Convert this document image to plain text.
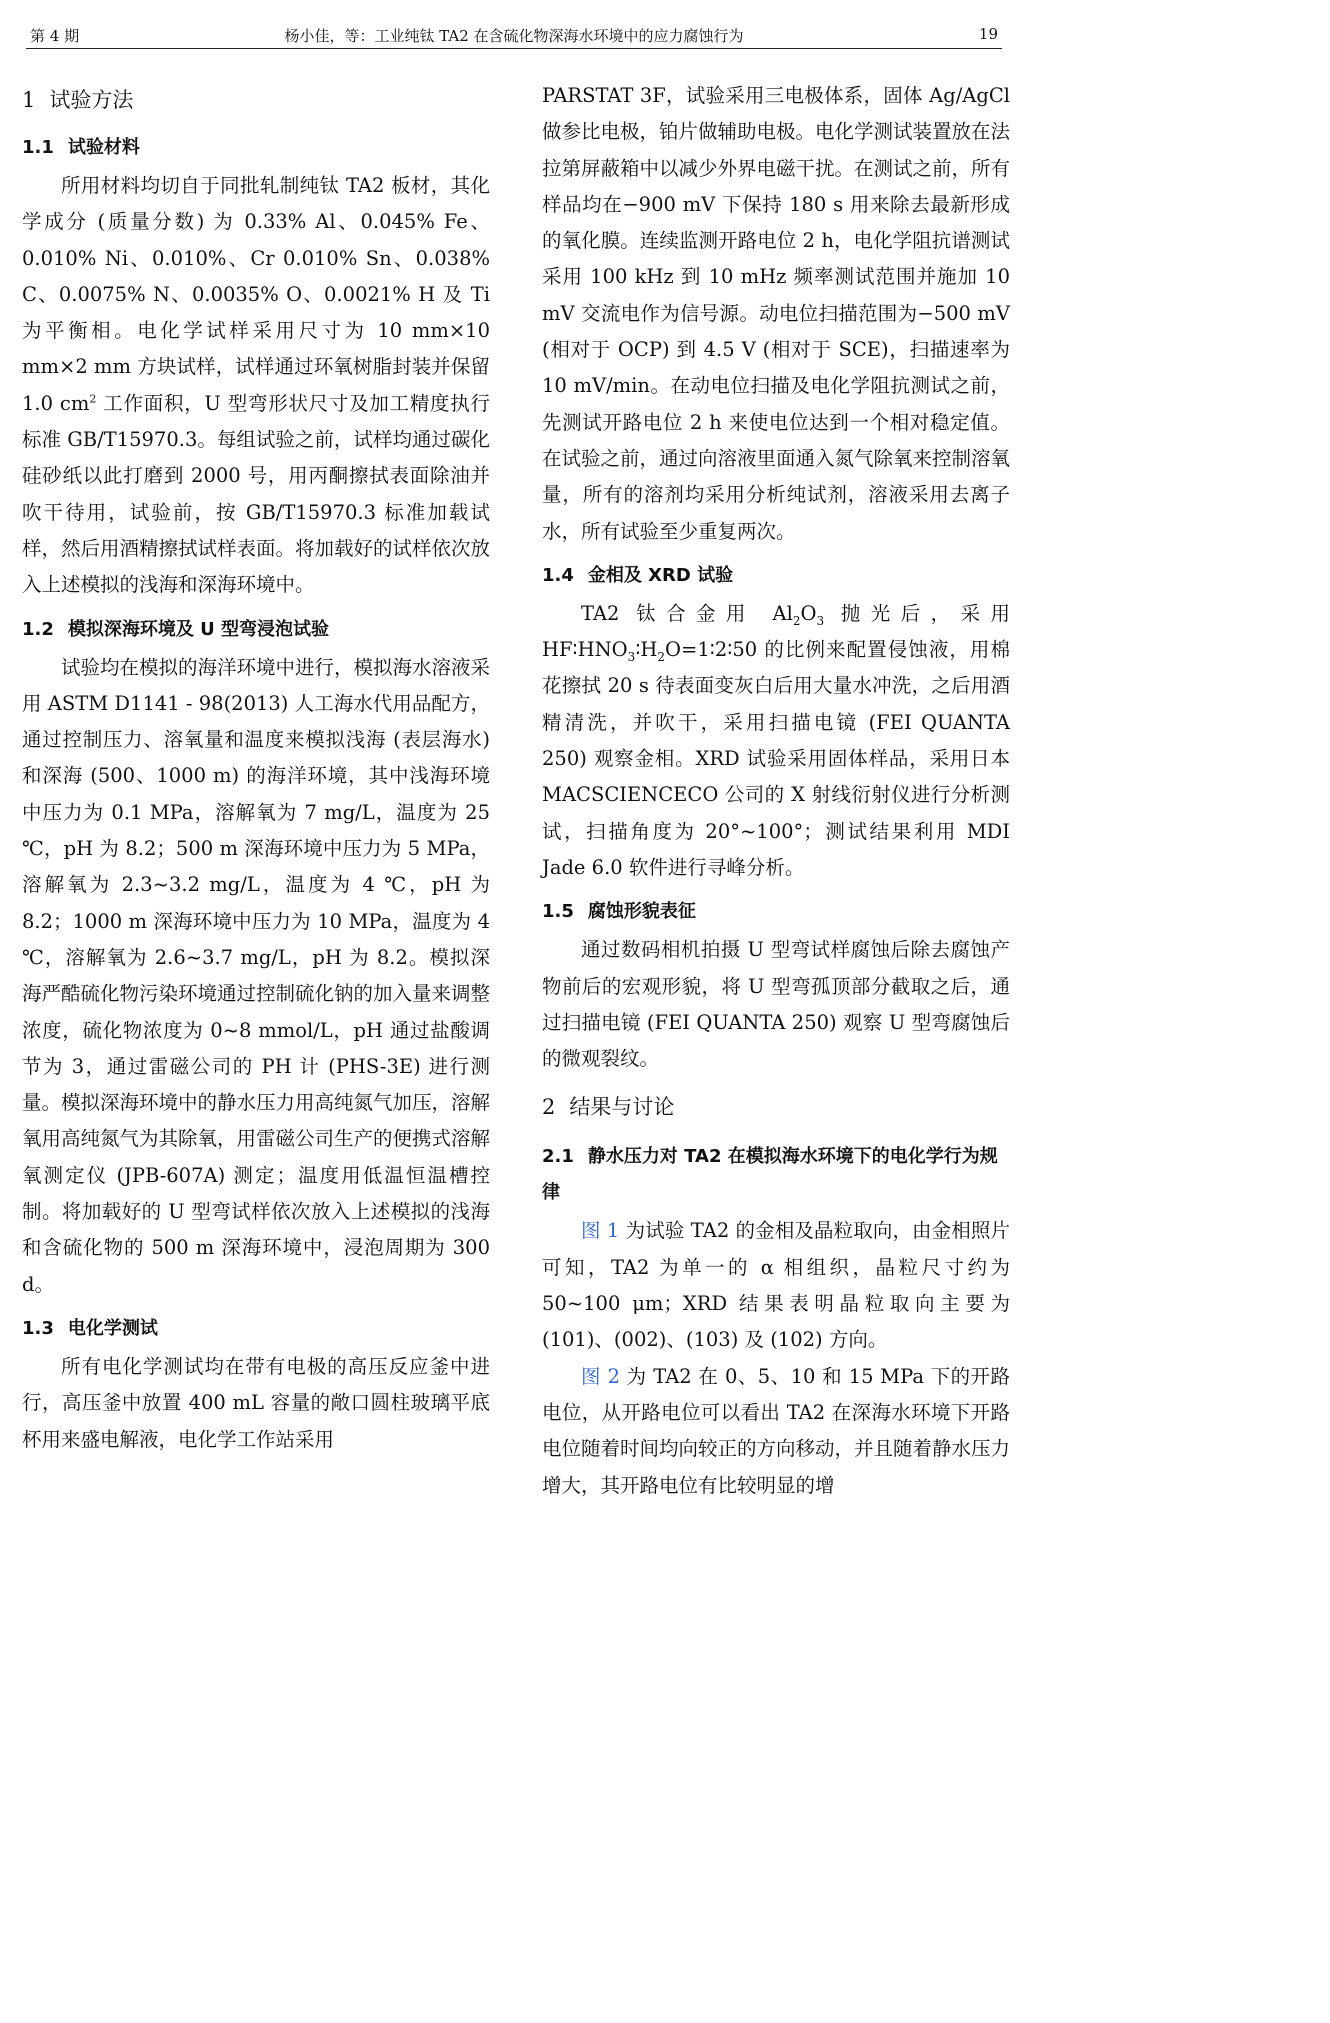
第 4 期	杨小佳，等：工业纯钛 TA2 在含硫化物深海水环境中的应力腐蚀行为	19
1 试验方法
1.1 试验材料

所用材料均切自于同批轧制纯钛 TA2 板材，其化学成分 (质量分数) 为 0.33% Al、0.045% Fe、0.010% Ni、0.010%、Cr 0.010% Sn、0.038% C、0.0075% N、0.0035% O、0.0021% H 及 Ti 为平衡相。电化学试样采用尺寸为 10 mm×10 mm×2 mm 方块试样，试样通过环氧树脂封装并保留 1.0 $cm^2$ 工作面积，U 型弯形状尺寸及加工精度执行标准 GB/T15970.3。每组试验之前，试样均通过碳化硅砂纸以此打磨到 2000 号，用丙酮擦拭表面除油并吹干待用，试验前，按 GB/T15970.3 标准加载试样，然后用酒精擦拭试样表面。将加载好的试样依次放入上述模拟的浅海和深海环境中。

1.2 模拟深海环境及 U 型弯浸泡试验

试验均在模拟的海洋环境中进行，模拟海水溶液采用 ASTM D1141 - 98(2013) 人工海水代用品配方，通过控制压力、溶氧量和温度来模拟浅海 (表层海水) 和深海 (500、1000 m) 的海洋环境，其中浅海环境中压力为 0.1 MPa，溶解氧为 7 mg/L，温度为 25 ℃，pH 为 8.2；500 m 深海环境中压力为 5 MPa，溶解氧为 2.3~3.2 mg/L，温度为 4 ℃，pH 为 8.2；1000 m 深海环境中压力为 10 MPa，温度为 4 ℃，溶解氧为 2.6~3.7 mg/L，pH 为 8.2。模拟深海严酷硫化物污染环境通过控制硫化钠的加入量来调整浓度，硫化物浓度为 0~8 mmol/L，pH 通过盐酸调节为 3，通过雷磁公司的 PH 计 (PHS-3E) 进行测量。模拟深海环境中的静水压力用高纯氮气加压，溶解氧用高纯氮气为其除氧，用雷磁公司生产的便携式溶解氧测定仪 (JPB-607A) 测定；温度用低温恒温槽控制。将加载好的 U 型弯试样依次放入上述模拟的浅海和含硫化物的 500 m 深海环境中，浸泡周期为 300 d。

1.3 电化学测试

所有电化学测试均在带有电极的高压反应釜中进行，高压釜中放置 400 mL 容量的敞口圆柱玻璃平底杯用来盛电解液，电化学工作站采用

PARSTAT 3F，试验采用三电极体系，固体 Ag/AgCl 做参比电极，铂片做辅助电极。电化学测试装置放在法拉第屏蔽箱中以减少外界电磁干扰。在测试之前，所有样品均在−900 mV 下保持 180 s 用来除去最新形成的氧化膜。连续监测开路电位 2 h，电化学阻抗谱测试采用 100 kHz 到 10 mHz 频率测试范围并施加 10 mV 交流电作为信号源。动电位扫描范围为−500 mV (相对于 OCP) 到 4.5 V (相对于 SCE)，扫描速率为 10 mV/min。在动电位扫描及电化学阻抗测试之前，先测试开路电位 2 h 来使电位达到一个相对稳定值。在试验之前，通过向溶液里面通入氮气除氧来控制溶氧量，所有的溶剂均采用分析纯试剂，溶液采用去离子水，所有试验至少重复两次。

1.4 金相及 XRD 试验

TA2 钛合金用 $Al_2O_3$ 抛光后，采用 $HF∶HNO_3∶H_2O=1∶2∶50$ 的比例来配置侵蚀液，用棉花擦拭 20 s 待表面变灰白后用大量水冲洗，之后用酒精清洗，并吹干，采用扫描电镜 (FEI QUANTA 250) 观察金相。XRD 试验采用固体样品，采用日本 MACSCIENCECO 公司的 X 射线衍射仪进行分析测试，扫描角度为 20°~100°；测试结果利用 MDI Jade 6.0 软件进行寻峰分析。

1.5 腐蚀形貌表征

通过数码相机拍摄 U 型弯试样腐蚀后除去腐蚀产物前后的宏观形貌，将 U 型弯孤顶部分截取之后，通过扫描电镜 (FEI QUANTA 250) 观察 U 型弯腐蚀后的微观裂纹。

2 结果与讨论
2.1 静水压力对 TA2 在模拟海水环境下的电化学行为规律

图 1 为试验 TA2 的金相及晶粒取向，由金相照片可知，TA2 为单一的 α 相组织，晶粒尺寸约为 50~100 μm；XRD 结果表明晶粒取向主要为 (101)、(002)、(103) 及 (102) 方向。

图 2 为 TA2 在 0、5、10 和 15 MPa 下的开路电位，从开路电位可以看出 TA2 在深海水环境下开路电位随着时间均向较正的方向移动，并且随着静水压力增大，其开路电位有比较明显的增
